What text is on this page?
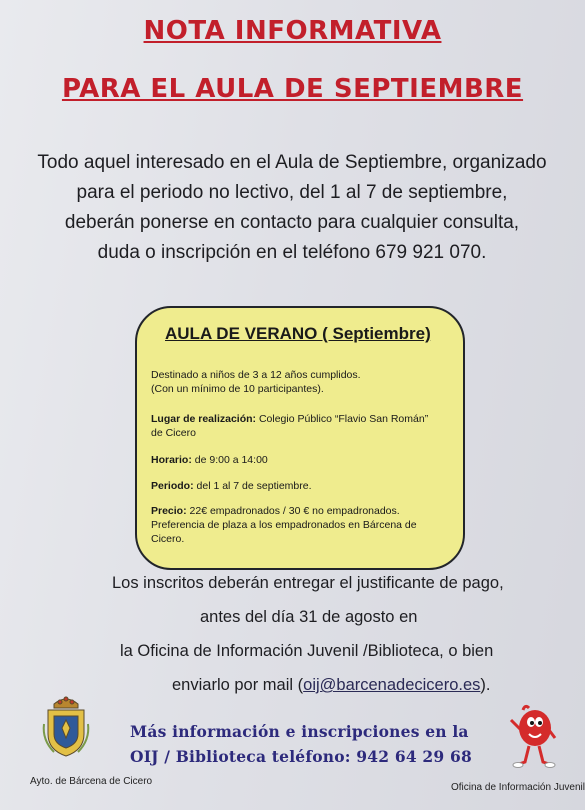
NOTA INFORMATIVA
PARA EL AULA DE SEPTIEMBRE
Todo aquel interesado en el Aula de Septiembre, organizado
para el periodo no lectivo, del 1 al 7 de septiembre,
deberán ponerse en contacto para cualquier consulta,
duda o inscripción en el teléfono 679 921 070.
AULA DE VERANO ( Septiembre)
Destinado a niños de 3 a 12 años cumplidos.
(Con un mínimo de 10 participantes).
Lugar de realización: Colegio Público “Flavio San Román”
de Cicero
Horario: de 9:00 a 14:00
Periodo: del 1 al 7 de septiembre.
Precio: 22€ empadronados / 30 € no empadronados.
Preferencia de plaza a los empadronados en Bárcena de
Cicero.
Los inscritos deberán entregar el justificante de pago,
antes del día 31 de agosto en
la Oficina de Información Juvenil /Biblioteca, o bien
enviarlo por mail (oij@barcenadecicero.es).
Más información e inscripciones en la
OIJ / Biblioteca teléfono: 942 64 29 68
Ayto. de Bárcena de Cicero
Oficina de Información Juvenil
